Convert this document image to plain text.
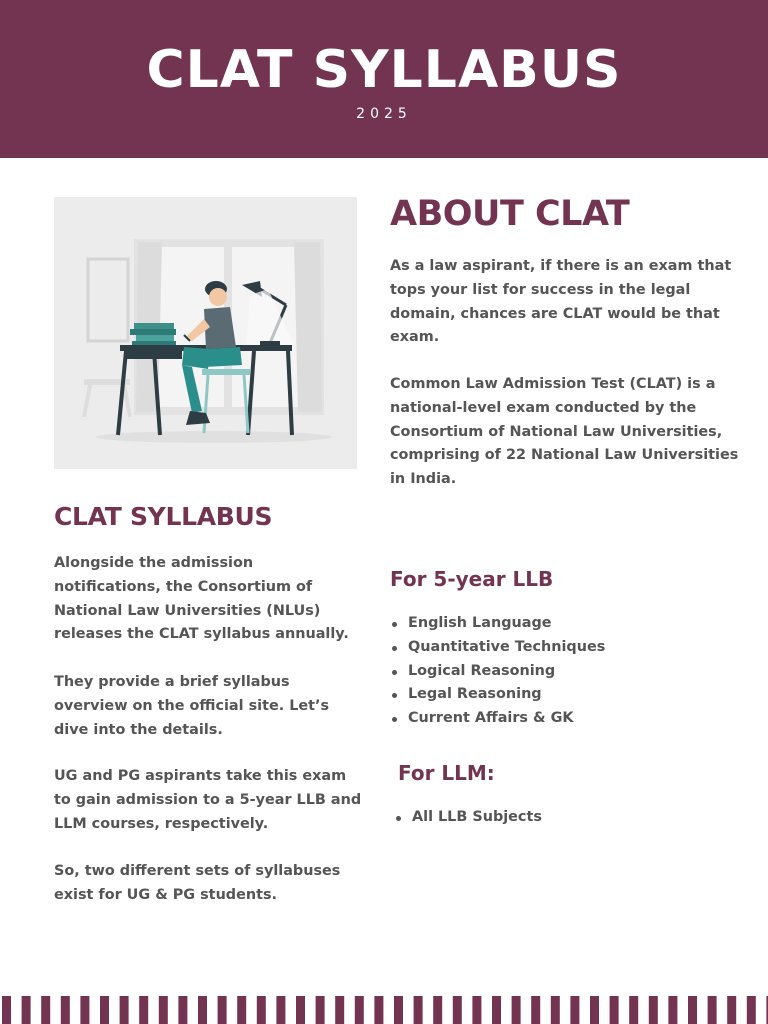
CLAT SYLLABUS
2025
ABOUT CLAT
As a law aspirant, if there is an exam that tops your list for success in the legal domain, chances are CLAT would be that exam.
Common Law Admission Test (CLAT) is a national-level exam conducted by the Consortium of National Law Universities, comprising of 22 National Law Universities in India.
CLAT SYLLABUS
Alongside the admission notifications, the Consortium of National Law Universities (NLUs) releases the CLAT syllabus annually.
They provide a brief syllabus overview on the official site. Let’s dive into the details.
UG and PG aspirants take this exam to gain admission to a 5-year LLB and LLM courses, respectively.
So, two different sets of syllabuses exist for UG & PG students.
For 5-year LLB
English Language
Quantitative Techniques
Logical Reasoning
Legal Reasoning
Current Affairs & GK
For LLM:
All LLB Subjects
